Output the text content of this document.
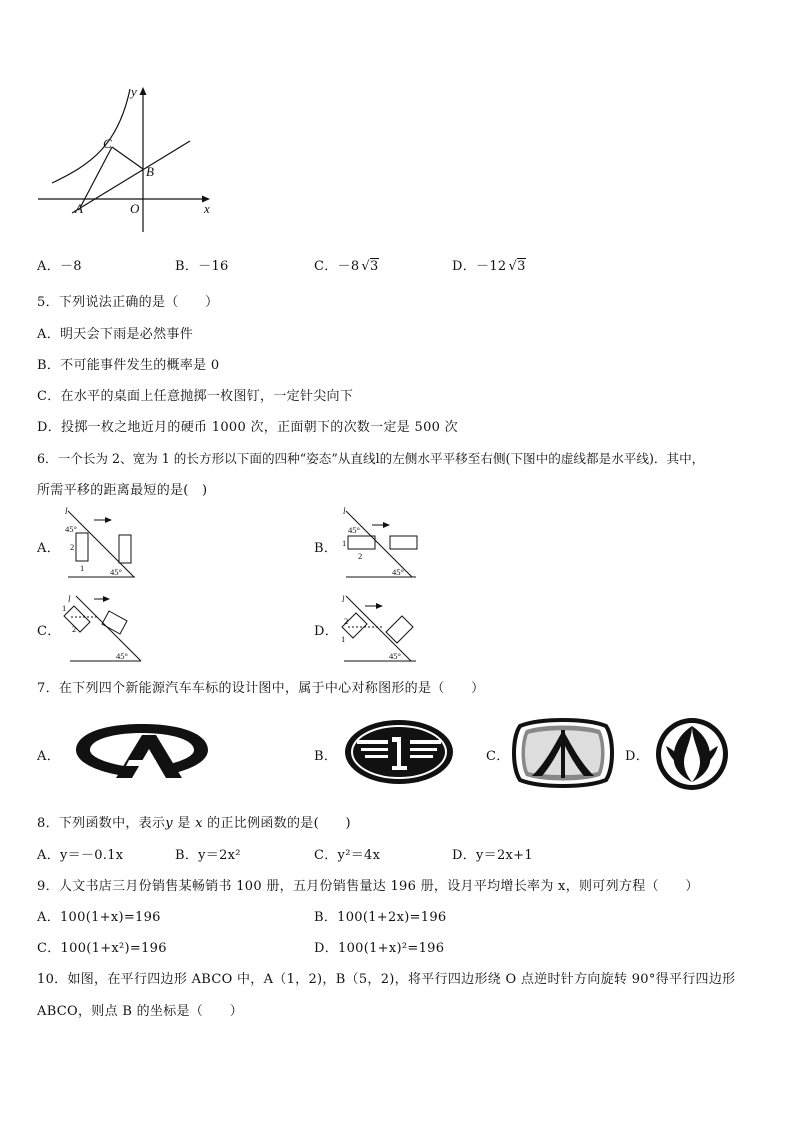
y
x
C
B
A	O
A．－8	B．－16	C．－8 √3	D．－12 √3
5．下列说法正确的是（　　）
A．明天会下雨是必然事件
B．不可能事件发生的概率是 0
C．在水平的桌面上任意抛掷一枚图钉，一定针尖向下
D．投掷一枚之地近月的硬币 1000 次，正面朝下的次数一定是 500 次
6．一个长为 2、宽为 1 的长方形以下面的四种“姿态”从直线l的左侧水平平移至右侧(下图中的虚线都是水平线)．其中，
所需平移的距离最短的是(　)
A．
l
45°
2
1	45°
B．
l
45°
1
2
45°
C．
l
1
2
45°
D．
l
2
1
45°
7．在下列四个新能源汽车车标的设计图中，属于中心对称图形的是（　　）
A．	B．	C．	D．
8．下列函数中，表示y 是 x 的正比例函数的是(　　)
A．y＝－0.1x	B．y＝2x²	C．y²＝4x	D．y＝2x+1
9．人文书店三月份销售某畅销书 100 册，五月份销售量达 196 册，设月平均增长率为 x，则可列方程（　　）
A．100(1+x)=196	B．100(1+2x)=196
C．100(1+x²)=196	D．100(1+x)²=196
10．如图，在平行四边形 ABCO 中，A（1，2)，B（5，2)，将平行四边形绕 O 点逆时针方向旋转 90°得平行四边形
ABCO，则点 B 的坐标是（　　）
